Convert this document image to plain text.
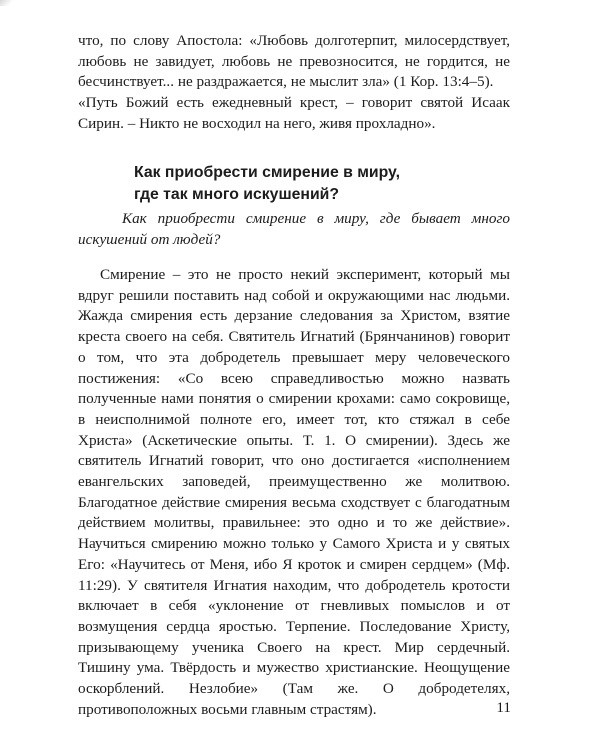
что, по слову Апостола: «Любовь долготерпит, милосердствует, любовь не завидует, любовь не превозносится, не гордится, не бесчинствует... не раздражается, не мыслит зла» (1 Кор. 13:4–5).

«Путь Божий есть ежедневный крест, – говорит святой Исаак Сирин. – Никто не восходил на него, живя прохладно».

Как приобрести смирение в миру,
где так много искушений?

Как приобрести смирение в миру, где бывает много искушений от людей?

Смирение – это не просто некий эксперимент, который мы вдруг решили поставить над собой и окружающими нас людьми. Жажда смирения есть дерзание следования за Христом, взятие креста своего на себя. Святитель Игнатий (Брянчанинов) говорит о том, что эта добродетель превышает меру человеческого постижения: «Со всею справедливостью можно назвать полученные нами понятия о смирении крохами: само сокровище, в неисполнимой полноте его, имеет тот, кто стяжал в себе Христа» (Аскетические опыты. Т. 1. О смирении). Здесь же святитель Игнатий говорит, что оно достигается «исполнением евангельских заповедей, преимущественно же молитвою. Благодатное действие смирения весьма сходствует с благодатным действием молитвы, правильнее: это одно и то же действие». Научиться смирению можно только у Самого Христа и у святых Его: «Научитесь от Меня, ибо Я кроток и смирен сердцем» (Мф. 11:29). У святителя Игнатия находим, что добродетель кротости включает в себя «уклонение от гневливых помыслов и от возмущения сердца яростью. Терпение. Последование Христу, призывающему ученика Своего на крест. Мир сердечный. Тишину ума. Твёрдость и мужество христианские. Неощущение оскорблений. Незлобие» (Там же. О добродетелях, противоположных восьми главным страстям).	11
